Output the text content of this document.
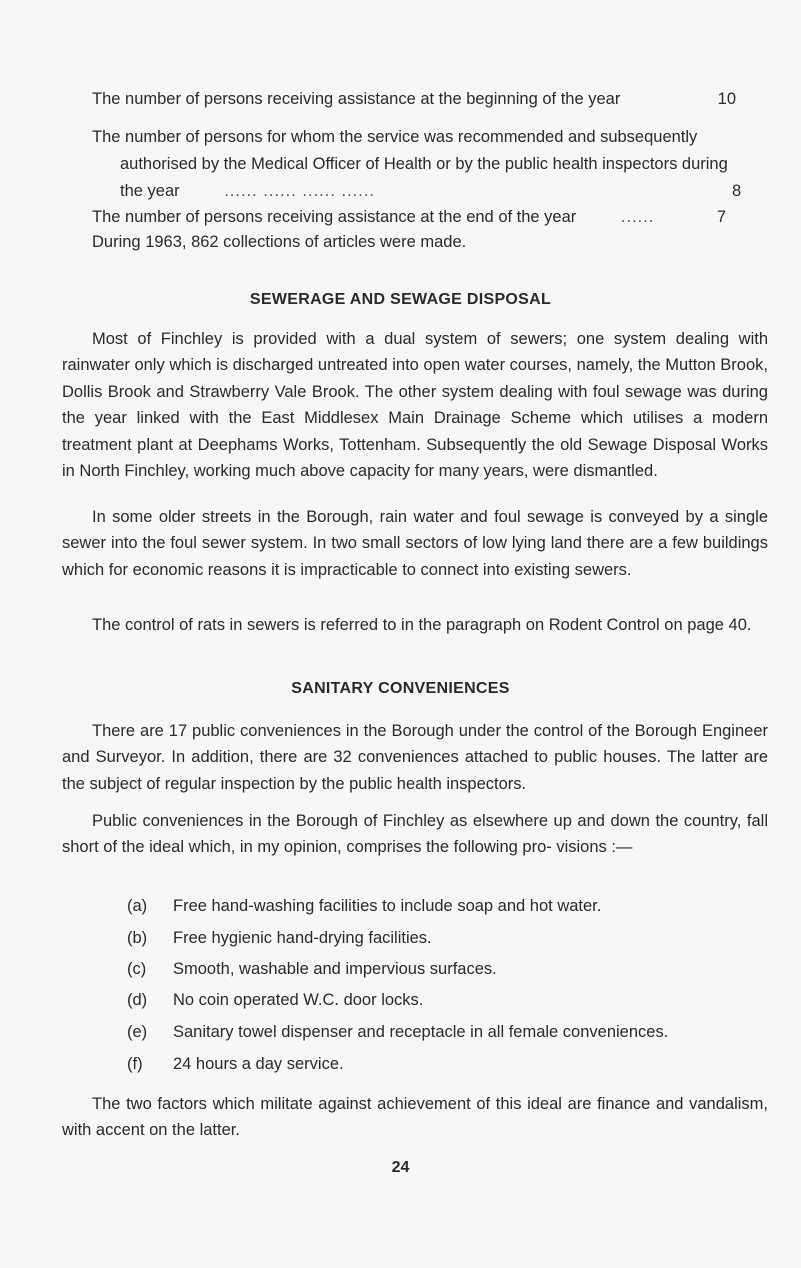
The number of persons receiving assistance at the beginning of the year	10
The number of persons for whom the service was recommended and subsequently authorised by the Medical Officer of Health or by the public health inspectors during the year	...... ...... ...... ......	8
The number of persons receiving assistance at the end of the year	......	7
During 1963, 862 collections of articles were made.
SEWERAGE AND SEWAGE DISPOSAL
Most of Finchley is provided with a dual system of sewers; one system dealing with rainwater only which is discharged untreated into open water courses, namely, the Mutton Brook, Dollis Brook and Strawberry Vale Brook. The other system dealing with foul sewage was during the year linked with the East Middlesex Main Drainage Scheme which utilises a modern treatment plant at Deephams Works, Tottenham. Subsequently the old Sewage Disposal Works in North Finchley, working much above capacity for many years, were dismantled.
In some older streets in the Borough, rain water and foul sewage is conveyed by a single sewer into the foul sewer system. In two small sectors of low lying land there are a few buildings which for economic reasons it is impracticable to connect into existing sewers.
The control of rats in sewers is referred to in the paragraph on Rodent Control on page 40.
SANITARY CONVENIENCES
There are 17 public conveniences in the Borough under the control of the Borough Engineer and Surveyor. In addition, there are 32 conveniences attached to public houses. The latter are the subject of regular inspection by the public health inspectors.
Public conveniences in the Borough of Finchley as elsewhere up and down the country, fall short of the ideal which, in my opinion, comprises the following pro- visions :—
(a) Free hand-washing facilities to include soap and hot water.
(b) Free hygienic hand-drying facilities.
(c) Smooth, washable and impervious surfaces.
(d) No coin operated W.C. door locks.
(e) Sanitary towel dispenser and receptacle in all female conveniences.
(f) 24 hours a day service.
The two factors which militate against achievement of this ideal are finance and vandalism, with accent on the latter.
24
